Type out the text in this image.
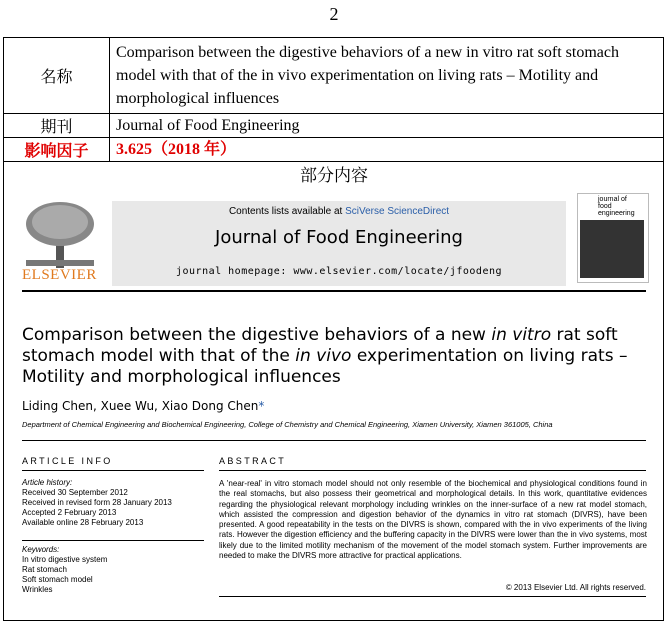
2
名称	Comparison between the digestive behaviors of a new in vitro rat soft stomach model with that of the in vivo experimentation on living rats – Motility and morphological influences
期刊	Journal of Food Engineering
影响因子	3.625（2018 年）
部分内容
ELSEVIER
Contents lists available at SciVerse ScienceDirect
Journal of Food Engineering
journal homepage: www.elsevier.com/locate/jfoodeng
journal of
food engineering
Comparison between the digestive behaviors of a new in vitro rat soft stomach model with that of the in vivo experimentation on living rats – Motility and morphological influences
Liding Chen, Xuee Wu, Xiao Dong Chen*
Department of Chemical Engineering and Biochemical Engineering, College of Chemistry and Chemical Engineering, Xiamen University, Xiamen 361005, China
ARTICLE INFO	ABSTRACT
Article history:
Received 30 September 2012
Received in revised form 28 January 2013
Accepted 2 February 2013
Available online 28 February 2013
Keywords:
In vitro digestive system
Rat stomach
Soft stomach model
Wrinkles
A 'near-real' in vitro stomach model should not only resemble of the biochemical and physiological conditions found in the real stomachs, but also possess their geometrical and morphological details. In this work, quantitative evidences regarding the physiological relevant morphology including wrinkles on the inner-surface of a new rat model stomach, which assisted the compression and digestion behavior of the dynamics in vitro rat stomach (DIVRS), have been presented. A good repeatability in the tests on the DIVRS is shown, compared with the in vivo experiments of the living rats. However the digestion efficiency and the buffering capacity in the DIVRS were lower than the in vivo systems, most likely due to the limited motility mechanism of the movement of the model stomach system. Further improvements are needed to make the DIVRS more attractive for practical applications.
© 2013 Elsevier Ltd. All rights reserved.
